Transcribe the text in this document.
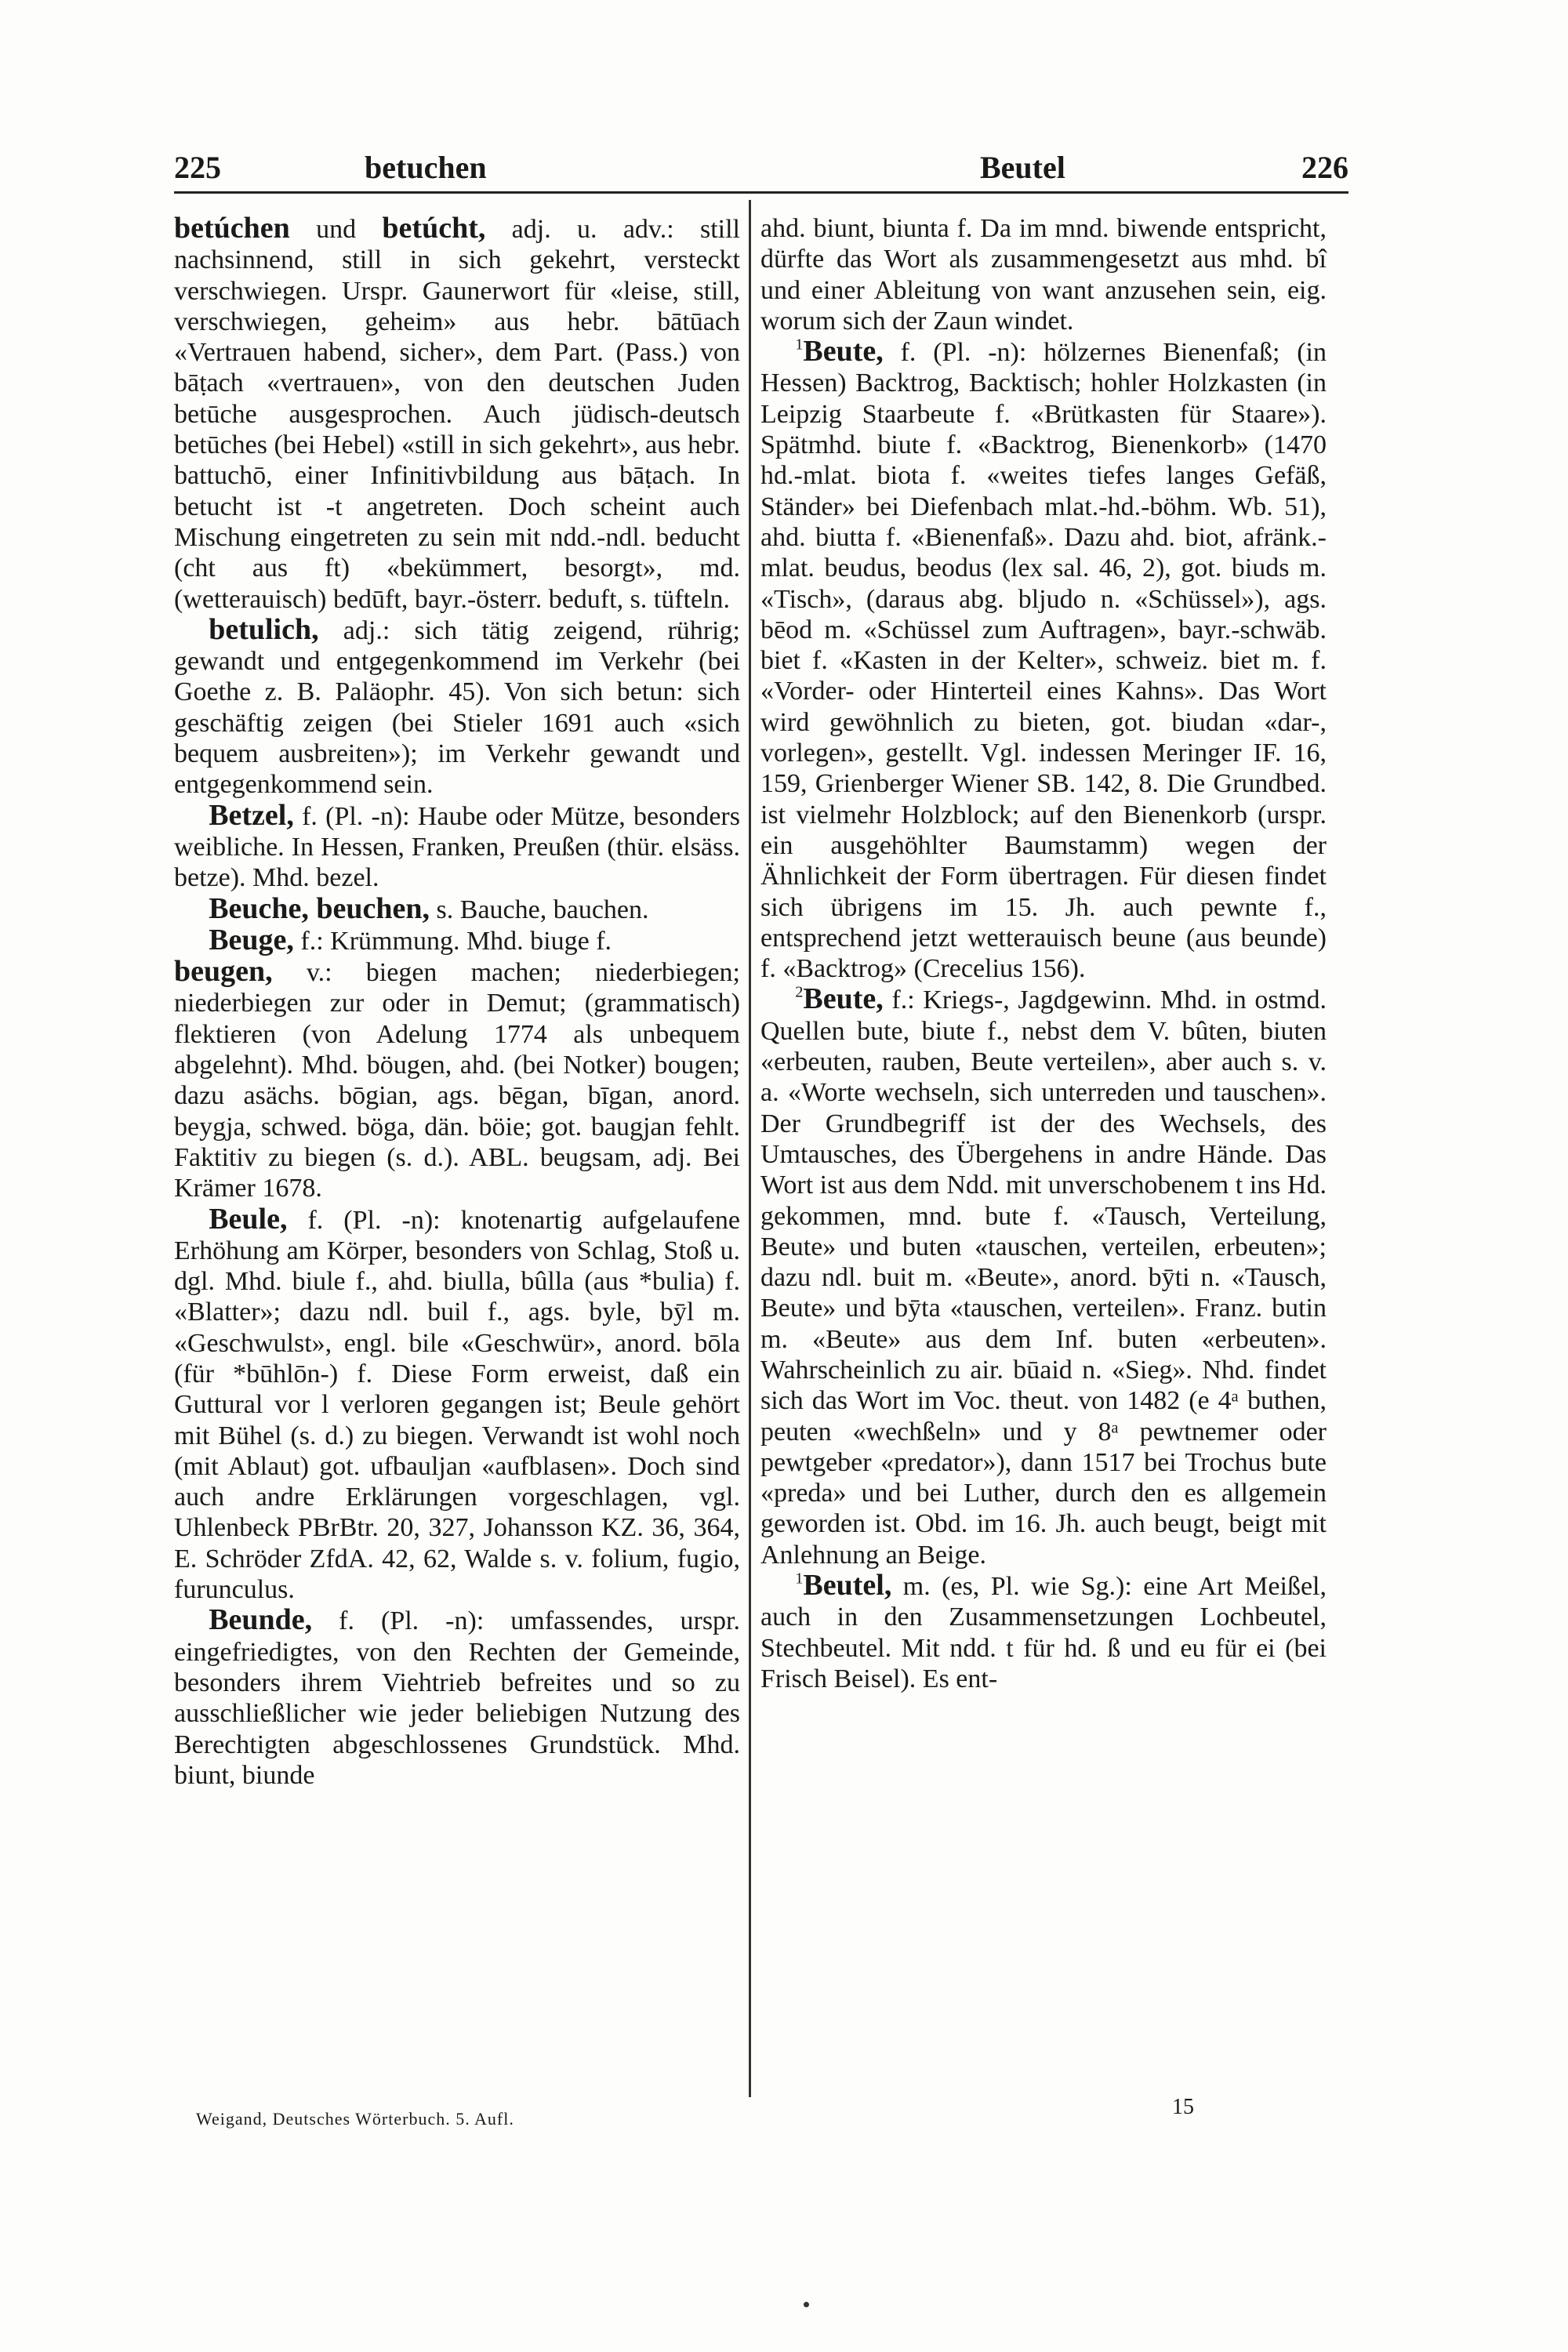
225	betuchen	Beutel	226

betúchen und betúcht, adj. u. adv.: still nachsinnend, still in sich gekehrt, versteckt verschwiegen. Urspr. Gaunerwort für «leise, still, verschwiegen, geheim» aus hebr. bātūach «Vertrauen habend, sicher», dem Part. (Pass.) von bāṭach «vertrauen», von den deutschen Juden betūche ausgesprochen. Auch jüdisch-deutsch betūches (bei Hebel) «still in sich gekehrt», aus hebr. battuchō, einer Infinitivbildung aus bāṭach. In betucht ist -t angetreten. Doch scheint auch Mischung eingetreten zu sein mit ndd.-ndl. beducht (cht aus ft) «bekümmert, besorgt», md. (wetterauisch) bedūft, bayr.-österr. beduft, s. tüfteln.

betulich, adj.: sich tätig zeigend, rührig; gewandt und entgegenkommend im Verkehr (bei Goethe z. B. Paläophr. 45). Von sich betun: sich geschäftig zeigen (bei Stieler 1691 auch «sich bequem ausbreiten»); im Verkehr gewandt und entgegenkommend sein.

Betzel, f. (Pl. -n): Haube oder Mütze, besonders weibliche. In Hessen, Franken, Preußen (thür. elsäss. betze). Mhd. bezel.

Beuche, beuchen, s. Bauche, bauchen.

Beuge, f.: Krümmung. Mhd. biuge f.

beugen, v.: biegen machen; niederbiegen; niederbiegen zur oder in Demut; (grammatisch) flektieren (von Adelung 1774 als unbequem abgelehnt). Mhd. böugen, ahd. (bei Notker) bougen; dazu asächs. bōgian, ags. bēgan, bīgan, anord. beygja, schwed. böga, dän. böie; got. baugjan fehlt. Faktitiv zu biegen (s. d.). ABL. beugsam, adj. Bei Krämer 1678.

Beule, f. (Pl. -n): knotenartig aufgelaufene Erhöhung am Körper, besonders von Schlag, Stoß u. dgl. Mhd. biule f., ahd. biulla, bûlla (aus *bulia) f. «Blatter»; dazu ndl. buil f., ags. byle, bȳl m. «Geschwulst», engl. bile «Geschwür», anord. bōla (für *būhlōn-) f. Diese Form erweist, daß ein Guttural vor l verloren gegangen ist; Beule gehört mit Bühel (s. d.) zu biegen. Verwandt ist wohl noch (mit Ablaut) got. ufbauljan «aufblasen». Doch sind auch andre Erklärungen vorgeschlagen, vgl. Uhlenbeck PBrBtr. 20, 327, Johansson KZ. 36, 364, E. Schröder ZfdA. 42, 62, Walde s. v. folium, fugio, furunculus.

Beunde, f. (Pl. -n): umfassendes, urspr. eingefriedigtes, von den Rechten der Gemeinde, besonders ihrem Viehtrieb befreites und so zu ausschließlicher wie jeder beliebigen Nutzung des Berechtigten abgeschlossenes Grundstück. Mhd. biunt, biunde

ahd. biunt, biunta f. Da im mnd. biwende entspricht, dürfte das Wort als zusammengesetzt aus mhd. bî und einer Ableitung von want anzusehen sein, eig. worum sich der Zaun windet.

$^1$Beute, f. (Pl. -n): hölzernes Bienenfaß; (in Hessen) Backtrog, Backtisch; hohler Holzkasten (in Leipzig Staarbeute f. «Brütkasten für Staare»). Spätmhd. biute f. «Backtrog, Bienenkorb» (1470 hd.-mlat. biota f. «weites tiefes langes Gefäß, Ständer» bei Diefenbach mlat.-hd.-böhm. Wb. 51), ahd. biutta f. «Bienenfaß». Dazu ahd. biot, afränk.-mlat. beudus, beodus (lex sal. 46, 2), got. biuds m. «Tisch», (daraus abg. bljudo n. «Schüssel»), ags. bēod m. «Schüssel zum Auftragen», bayr.-schwäb. biet f. «Kasten in der Kelter», schweiz. biet m. f. «Vorder- oder Hinterteil eines Kahns». Das Wort wird gewöhnlich zu bieten, got. biudan «dar-, vorlegen», gestellt. Vgl. indessen Meringer IF. 16, 159, Grienberger Wiener SB. 142, 8. Die Grundbed. ist vielmehr Holzblock; auf den Bienenkorb (urspr. ein ausgehöhlter Baumstamm) wegen der Ähnlichkeit der Form übertragen. Für diesen findet sich übrigens im 15. Jh. auch pewnte f., entsprechend jetzt wetterauisch beune (aus beunde) f. «Backtrog» (Crecelius 156).

$^2$Beute, f.: Kriegs-, Jagdgewinn. Mhd. in ostmd. Quellen bute, biute f., nebst dem V. bûten, biuten «erbeuten, rauben, Beute verteilen», aber auch s. v. a. «Worte wechseln, sich unterreden und tauschen». Der Grundbegriff ist der des Wechsels, des Umtausches, des Übergehens in andre Hände. Das Wort ist aus dem Ndd. mit unverschobenem t ins Hd. gekommen, mnd. bute f. «Tausch, Verteilung, Beute» und buten «tauschen, verteilen, erbeuten»; dazu ndl. buit m. «Beute», anord. bȳti n. «Tausch, Beute» und bȳta «tauschen, verteilen». Franz. butin m. «Beute» aus dem Inf. buten «erbeuten». Wahrscheinlich zu air. būaid n. «Sieg». Nhd. findet sich das Wort im Voc. theut. von 1482 (e 4ᵃ buthen, peuten «wechßeln» und y 8ᵃ pewtnemer oder pewtgeber «predator»), dann 1517 bei Trochus bute «preda» und bei Luther, durch den es allgemein geworden ist. Obd. im 16. Jh. auch beugt, beigt mit Anlehnung an Beige.

$^1$Beutel, m. (es, Pl. wie Sg.): eine Art Meißel, auch in den Zusammensetzungen Lochbeutel, Stechbeutel. Mit ndd. t für hd. ß und eu für ei (bei Frisch Beisel). Es ent-

Weigand, Deutsches Wörterbuch. 5. Aufl.	15
